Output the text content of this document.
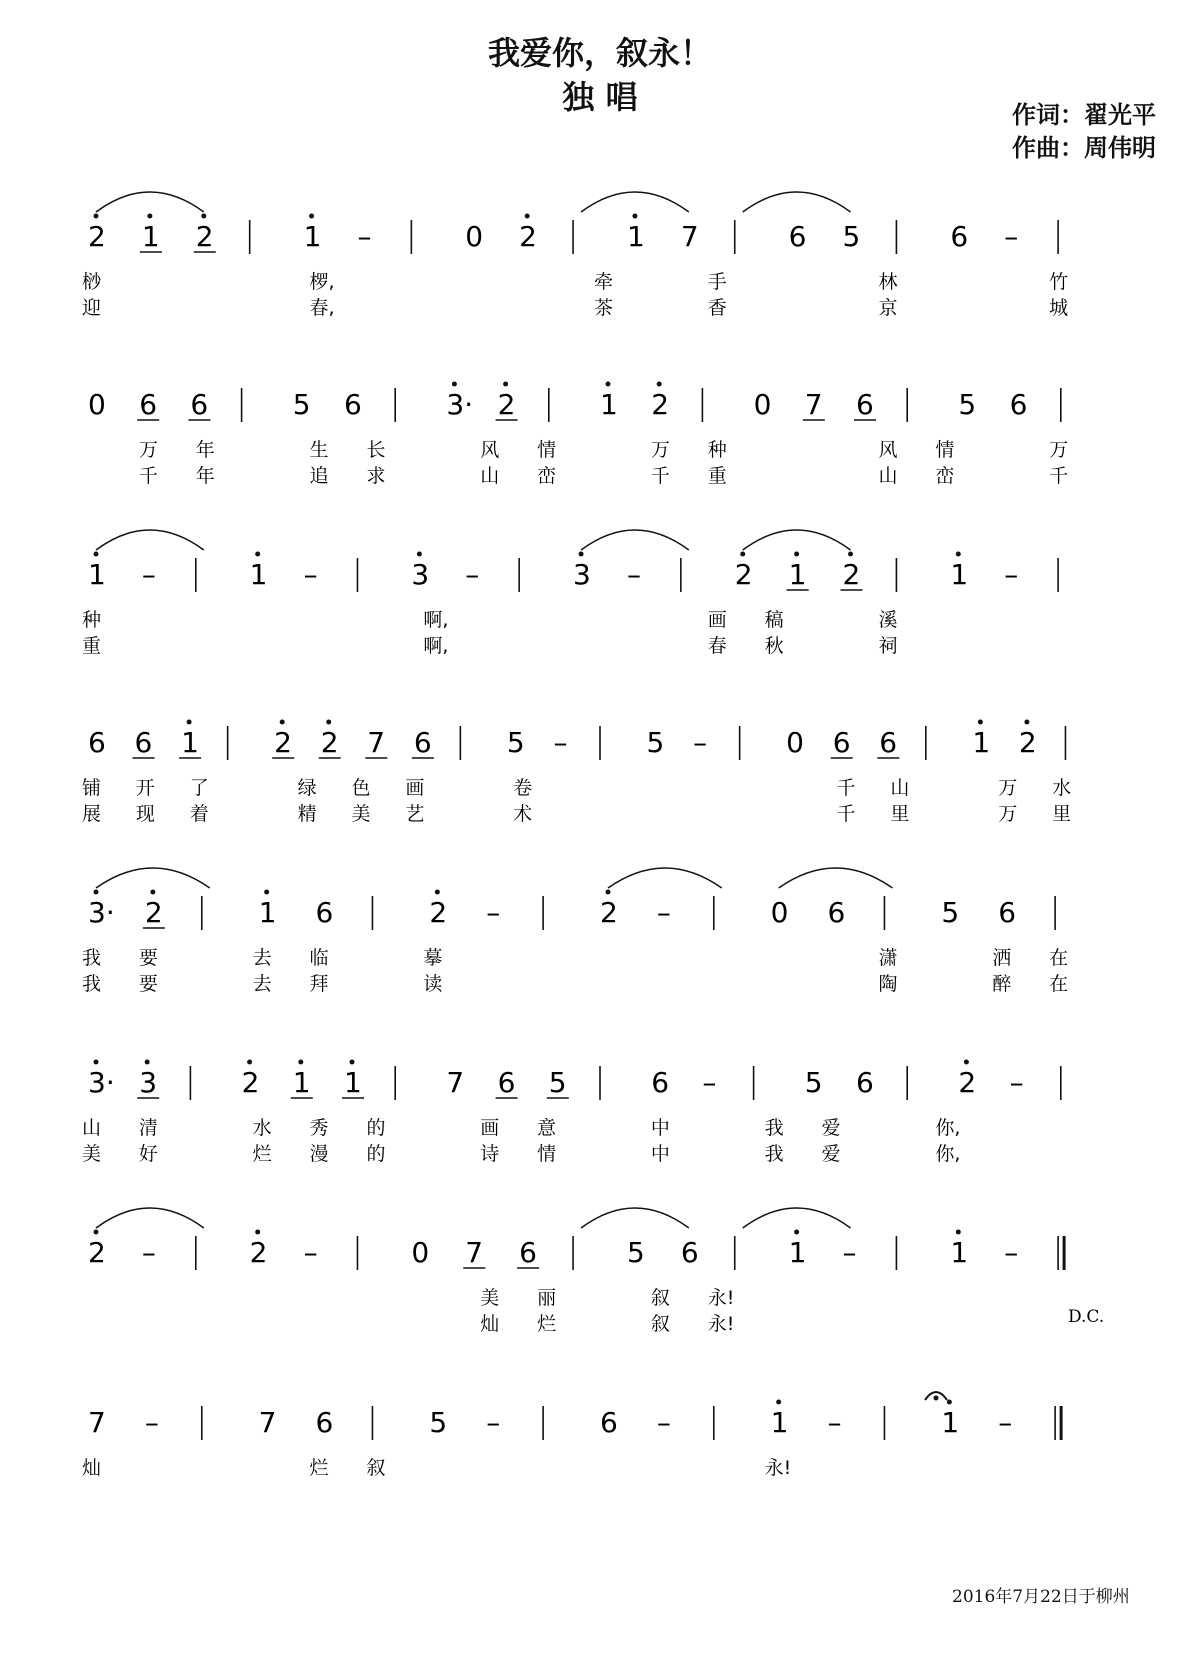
我爱你，叙永！
独 唱	作词：翟光平
作曲：周伟明
2 1 2	1 –	0 2	1 7	6 5	6 –
桫	椤,	牵	手	林	竹
迎	春,	茶	香	京	城
0 6 6	5 6	3· 2	1 2	0 7 6	5 6
万 年	生 长	风 情	万 种	风 情	万
千 年	追 求	山 峦	千 重	山 峦	千
1 –	1 –	3 –	3 –	2 1 2	1 –
种	啊,	画 稿	溪
重	啊,	春 秋	祠
6 6 1	2 2 7 6	5 –	5 –	0 6 6	1 2
铺 开 了	绿 色 画	卷	千 山	万 水
展 现 着	精 美 艺	术	千 里	万 里
3· 2	1 6	2 –	2 –	0 6	5 6
我 要	去 临	摹	潇	洒 在
我 要	去 拜	读	陶	醉 在
3· 3	2 1 1	7 6 5	6 –	5 6	2 –
山 清	水 秀 的	画 意	中	我 爱	你,
美 好	烂 漫 的	诗 情	中	我 爱	你,
2 –	2 –	0 7 6	5 6	1 –	1 –
美 丽	叙 永!
灿 烂	叙 永!
7 –	7 6	5 –	6 –	1 –	1 –
灿	烂 叙	永!
D.C.
2016年7月22日于柳州
